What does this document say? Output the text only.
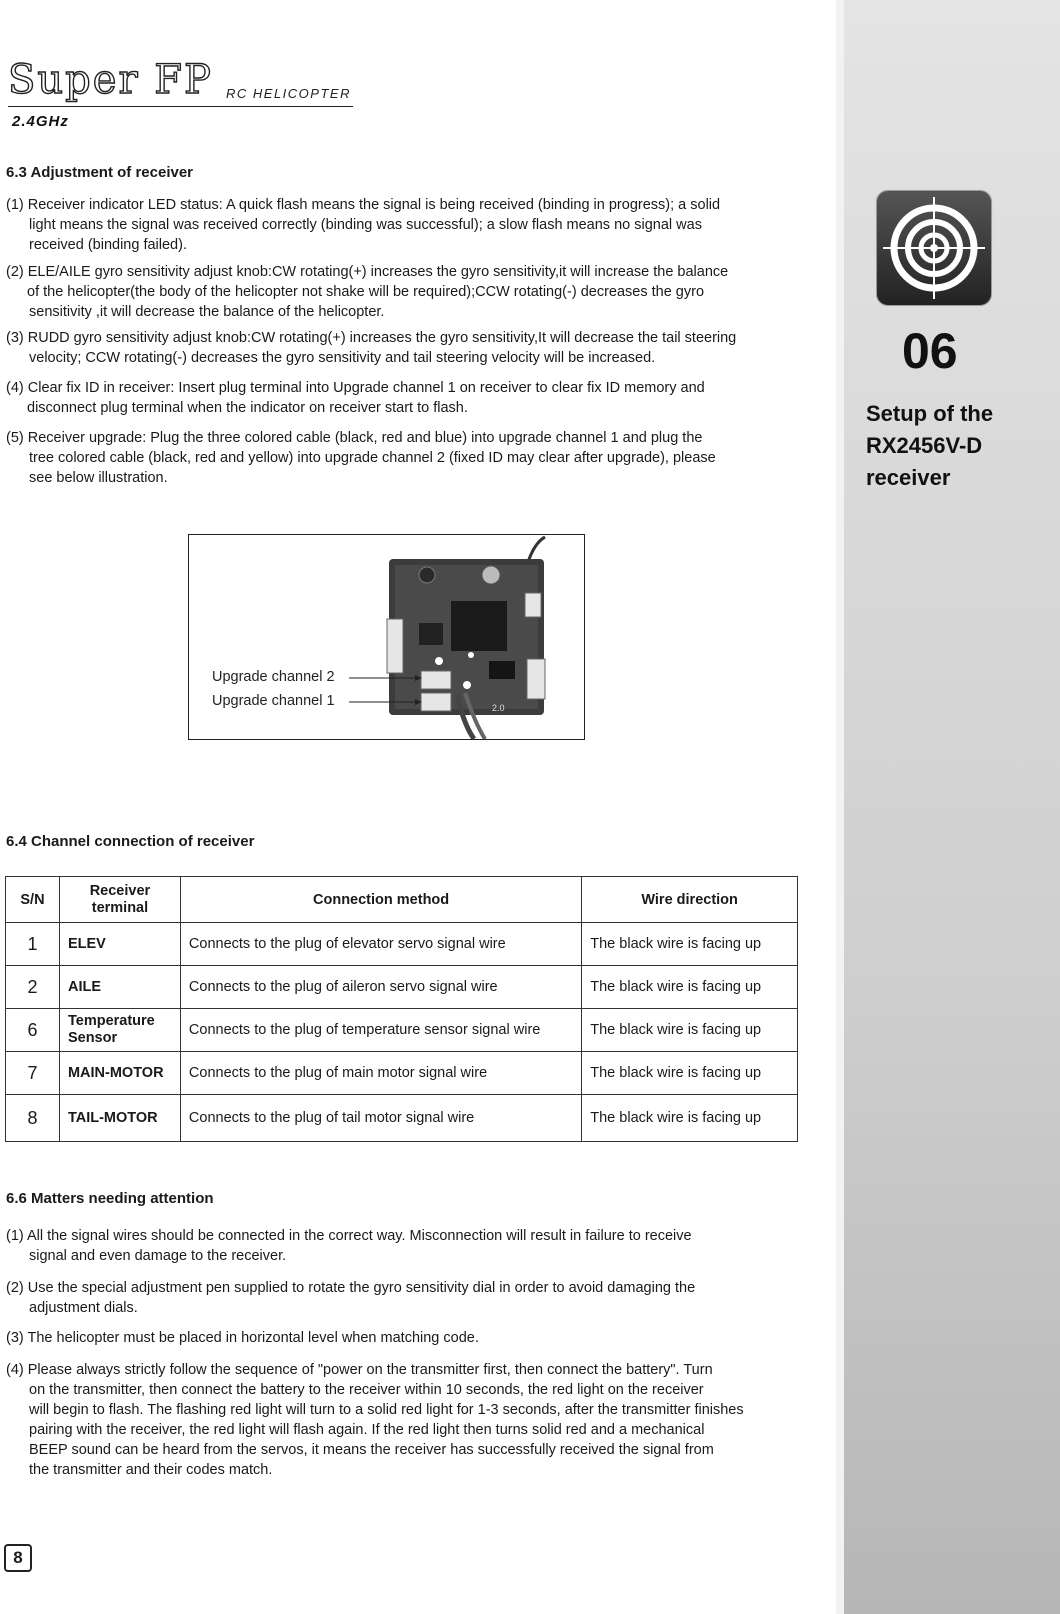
Super FP RC HELICOPTER
2.4GHz
06
Setup of the
RX2456V-D
receiver
6.3 Adjustment of receiver
(1) Receiver indicator LED status: A quick flash means the signal is being received (binding in progress); a solid
light means the signal was received correctly (binding was successful); a slow flash means no signal was
received (binding failed).
(2) ELE/AILE gyro sensitivity adjust knob:CW rotating(+) increases the gyro sensitivity,it will increase the balance
of the helicopter(the body of the helicopter not shake will be required);CCW rotating(-) decreases the gyro
sensitivity ,it will decrease the balance of the helicopter.
(3) RUDD gyro sensitivity adjust knob:CW rotating(+) increases the gyro sensitivity,It will decrease the tail steering
velocity; CCW rotating(-) decreases the gyro sensitivity and tail steering velocity will be increased.
(4) Clear fix ID in receiver: Insert plug terminal into Upgrade channel 1 on receiver to clear fix ID memory and
disconnect plug terminal when the indicator on receiver start to flash.
(5) Receiver upgrade: Plug the three colored cable (black, red and blue) into upgrade channel 1 and plug the
tree colored cable (black, red and yellow) into upgrade channel 2 (fixed ID may clear after upgrade), please
see below illustration.
2.0
Upgrade channel 2
Upgrade channel 1
6.4 Channel connection of receiver
S/N	Receiver terminal	Connection method	Wire direction
1	ELEV	Connects to the plug of elevator servo signal wire	The black wire is facing up
2	AILE	Connects to the plug of aileron servo signal wire	The black wire is facing up
6	Temperature Sensor	Connects to the plug of temperature sensor signal wire	The black wire is facing up
7	MAIN-MOTOR	Connects to the plug of main motor signal wire	The black wire is facing up
8	TAIL-MOTOR	Connects to the plug of tail motor signal wire	The black wire is facing up
6.6 Matters needing attention
(1) All the signal wires should be connected in the correct way. Misconnection will result in failure to receive
signal and even damage to the receiver.
(2) Use the special adjustment pen supplied to rotate the gyro sensitivity dial in order to avoid damaging the
adjustment dials.
(3) The helicopter must be placed in horizontal level when matching code.
(4) Please always strictly follow the sequence of "power on the transmitter first, then connect the battery". Turn
on the transmitter, then connect the battery to the receiver within 10 seconds, the red light on the receiver
will begin to flash. The flashing red light will turn to a solid red light for 1-3 seconds, after the transmitter finishes
pairing with the receiver, the red light will flash again. If the red light then turns solid red and a mechanical
BEEP sound can be heard from the servos, it means the receiver has successfully received the signal from
the transmitter and their codes match.
8
